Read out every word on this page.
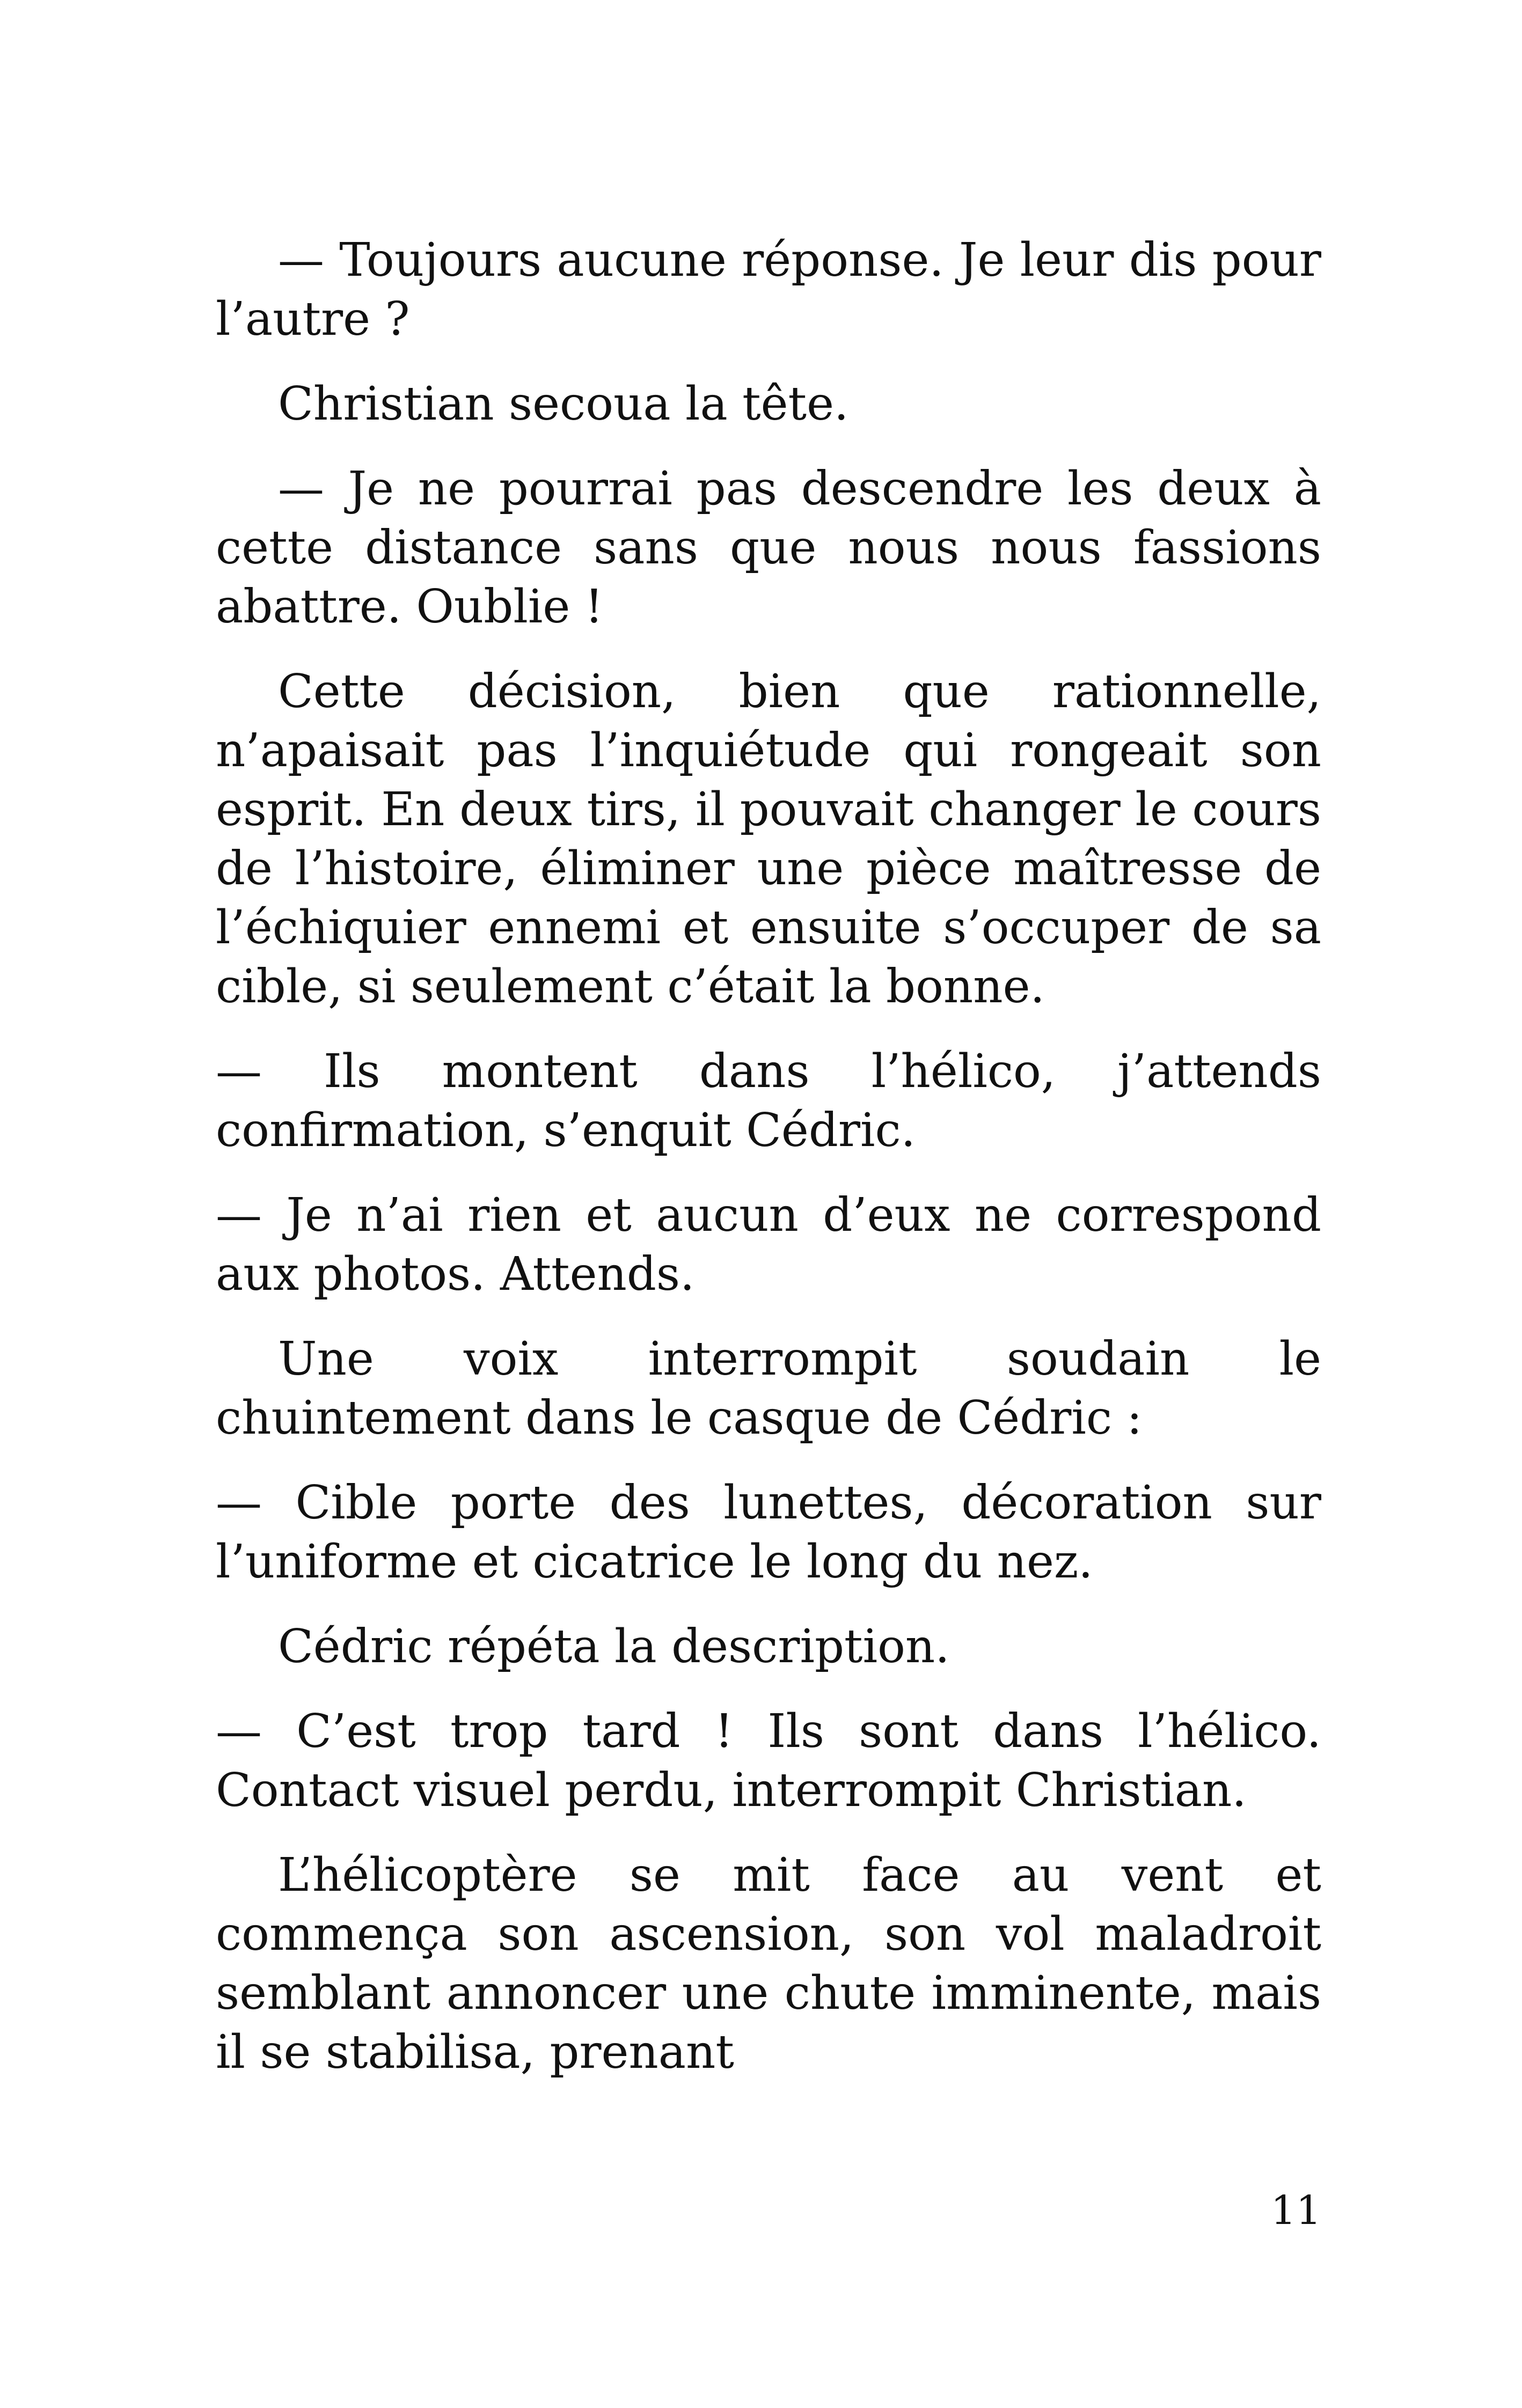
— Toujours aucune réponse. Je leur dis pour l’autre ?

Christian secoua la tête.

— Je ne pourrai pas descendre les deux à cette distance sans que nous nous fassions abattre. Oublie !

Cette décision, bien que rationnelle, n’apaisait pas l’inquiétude qui rongeait son esprit. En deux tirs, il pouvait changer le cours de l’histoire, éliminer une pièce maîtresse de l’échiquier ennemi et ensuite s’occuper de sa cible, si seulement c’était la bonne.

— Ils montent dans l’hélico, j’attends confirmation, s’enquit Cédric.

— Je n’ai rien et aucun d’eux ne correspond aux photos. Attends.

Une voix interrompit soudain le chuintement dans le casque de Cédric :

— Cible porte des lunettes, décoration sur l’uniforme et cicatrice le long du nez.

Cédric répéta la description.

— C’est trop tard ! Ils sont dans l’hélico. Contact visuel perdu, interrompit Christian.

L’hélicoptère se mit face au vent et commença son ascension, son vol maladroit semblant annoncer une chute imminente, mais il se stabilisa, prenant

11
